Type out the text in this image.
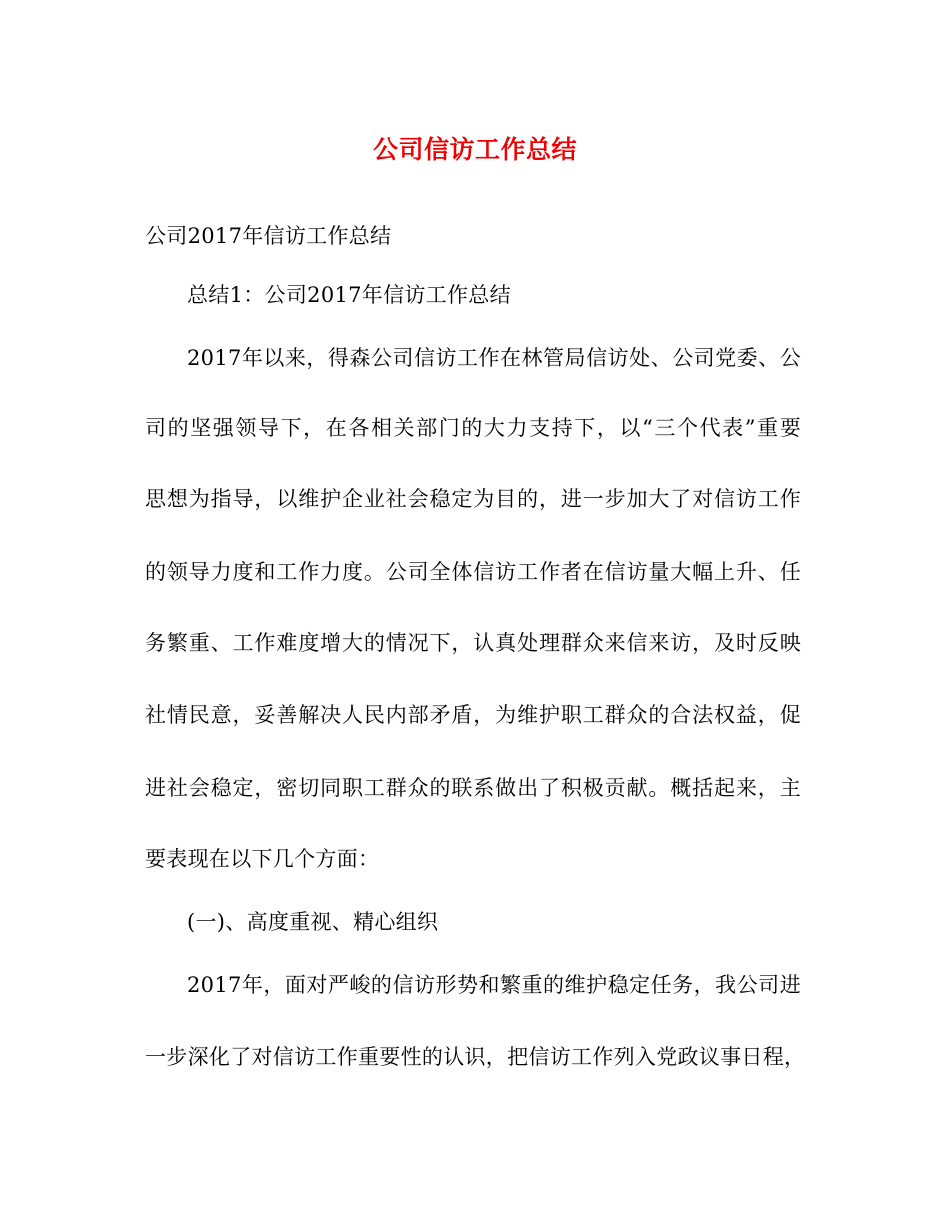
公司信访工作总结
公司2017年信访工作总结
总结1：公司2017年信访工作总结
2017年以来，得森公司信访工作在林管局信访处、公司党委、公
司的坚强领导下，在各相关部门的大力支持下，以“三个代表”重要
思想为指导，以维护企业社会稳定为目的，进一步加大了对信访工作
的领导力度和工作力度。公司全体信访工作者在信访量大幅上升、任
务繁重、工作难度增大的情况下，认真处理群众来信来访，及时反映
社情民意，妥善解决人民内部矛盾，为维护职工群众的合法权益，促
进社会稳定，密切同职工群众的联系做出了积极贡献。概括起来，主
要表现在以下几个方面：
(一)、高度重视、精心组织
2017年，面对严峻的信访形势和繁重的维护稳定任务，我公司进
一步深化了对信访工作重要性的认识，把信访工作列入党政议事日程，
